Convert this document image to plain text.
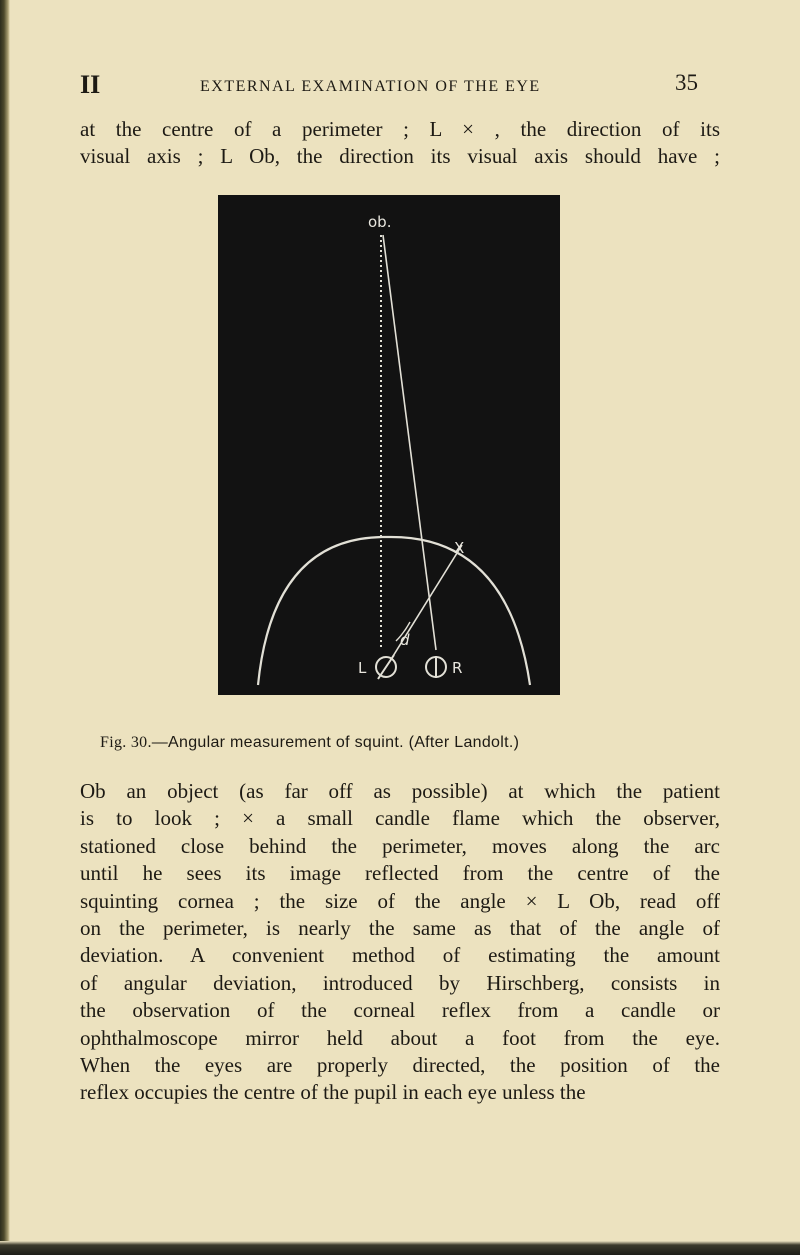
II	EXTERNAL EXAMINATION OF THE EYE	35
at the centre of a perimeter ; L × , the direction of its
visual axis ; L Ob, the direction its visual axis should have ;
ob.
X
d
L	R
Fig. 30.—Angular measurement of squint. (After Landolt.)
Ob an object (as far off as possible) at which the patient
is to look ; × a small candle flame which the observer,
stationed close behind the perimeter, moves along the arc
until he sees its image reflected from the centre of the
squinting cornea ; the size of the angle × L Ob, read off
on the perimeter, is nearly the same as that of the angle of
deviation. A convenient method of estimating the amount
of angular deviation, introduced by Hirschberg, consists in
the observation of the corneal reflex from a candle or
ophthalmoscope mirror held about a foot from the eye.
When the eyes are properly directed, the position of the
reflex occupies the centre of the pupil in each eye unless the
